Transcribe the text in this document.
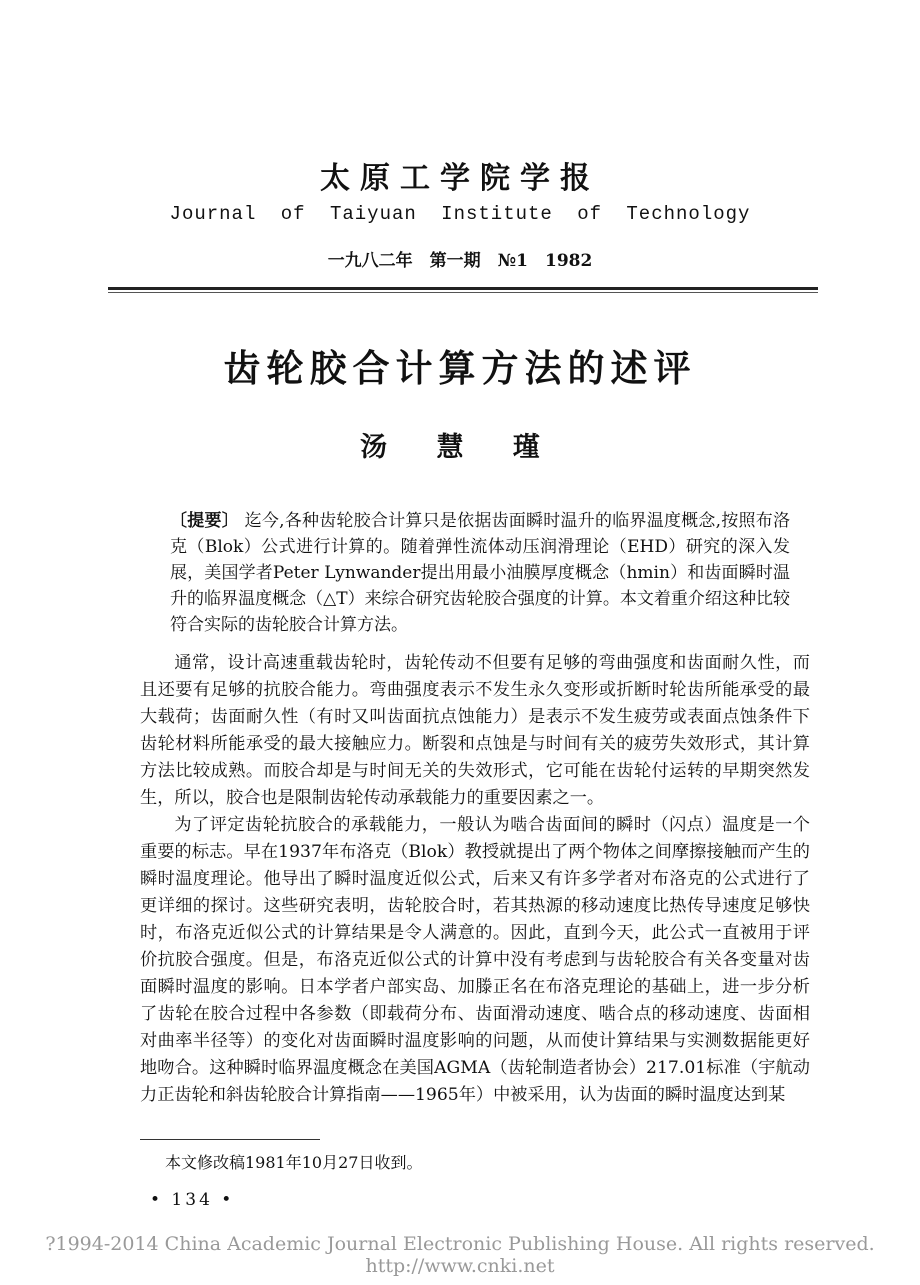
太原工学院学报
Journal of Taiyuan Institute of Technology
一九八二年　第一期　№1　1982
齿轮胶合计算方法的述评
汤 慧 瑾
〔提要〕 迄今,各种齿轮胶合计算只是依据齿面瞬时温升的临界温度概念,按照布洛克（Blok）公式进行计算的。随着弹性流体动压润滑理论（EHD）研究的深入发展，美国学者Peter Lynwander提出用最小油膜厚度概念（hmin）和齿面瞬时温升的临界温度概念（△T）来综合研究齿轮胶合强度的计算。本文着重介绍这种比较符合实际的齿轮胶合计算方法。

通常，设计高速重载齿轮时，齿轮传动不但要有足够的弯曲强度和齿面耐久性，而且还要有足够的抗胶合能力。弯曲强度表示不发生永久变形或折断时轮齿所能承受的最大载荷；齿面耐久性（有时又叫齿面抗点蚀能力）是表示不发生疲劳或表面点蚀条件下齿轮材料所能承受的最大接触应力。断裂和点蚀是与时间有关的疲劳失效形式，其计算方法比较成熟。而胶合却是与时间无关的失效形式，它可能在齿轮付运转的早期突然发生，所以，胶合也是限制齿轮传动承载能力的重要因素之一。

为了评定齿轮抗胶合的承载能力，一般认为啮合齿面间的瞬时（闪点）温度是一个重要的标志。早在1937年布洛克（Blok）教授就提出了两个物体之间摩擦接触而产生的瞬时温度理论。他导出了瞬时温度近似公式，后来又有许多学者对布洛克的公式进行了更详细的探讨。这些研究表明，齿轮胶合时，若其热源的移动速度比热传导速度足够快时，布洛克近似公式的计算结果是令人满意的。因此，直到今天，此公式一直被用于评价抗胶合强度。但是，布洛克近似公式的计算中没有考虑到与齿轮胶合有关各变量对齿面瞬时温度的影响。日本学者户部实岛、加滕正名在布洛克理论的基础上，进一步分析了齿轮在胶合过程中各参数（即载荷分布、齿面滑动速度、啮合点的移动速度、齿面相对曲率半径等）的变化对齿面瞬时温度影响的问题，从而使计算结果与实测数据能更好地吻合。这种瞬时临界温度概念在美国AGMA（齿轮制造者协会）217.01标准（宇航动力正齿轮和斜齿轮胶合计算指南——1965年）中被采用，认为齿面的瞬时温度达到某

本文修改稿1981年10月27日收到。
• 134 •
?1994-2014 China Academic Journal Electronic Publishing House. All rights reserved. http://www.cnki.net
